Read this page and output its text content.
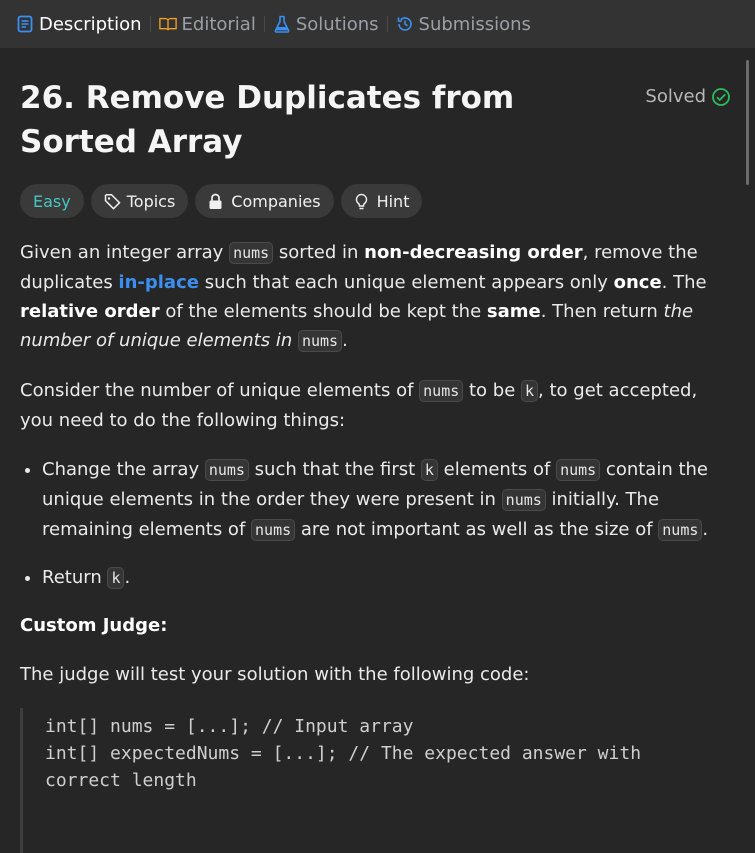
Description Editorial Solutions Submissions
26. Remove Duplicates from Sorted Array
Solved
Easy	Topics	Companies	Hint

Given an integer array nums sorted in non-decreasing order, remove the duplicates in-place such that each unique element appears only once. The relative order of the elements should be kept the same. Then return the number of unique elements in nums .

Consider the number of unique elements of nums to be k , to get accepted, you need to do the following things:

• Change the array nums such that the first k elements of nums contain the unique elements in the order they were present in nums initially. The remaining elements of nums are not important as well as the size of nums .
• Return k .

Custom Judge:

The judge will test your solution with the following code:

int[] nums = [...]; // Input array
int[] expectedNums = [...]; // The expected answer with
correct length
